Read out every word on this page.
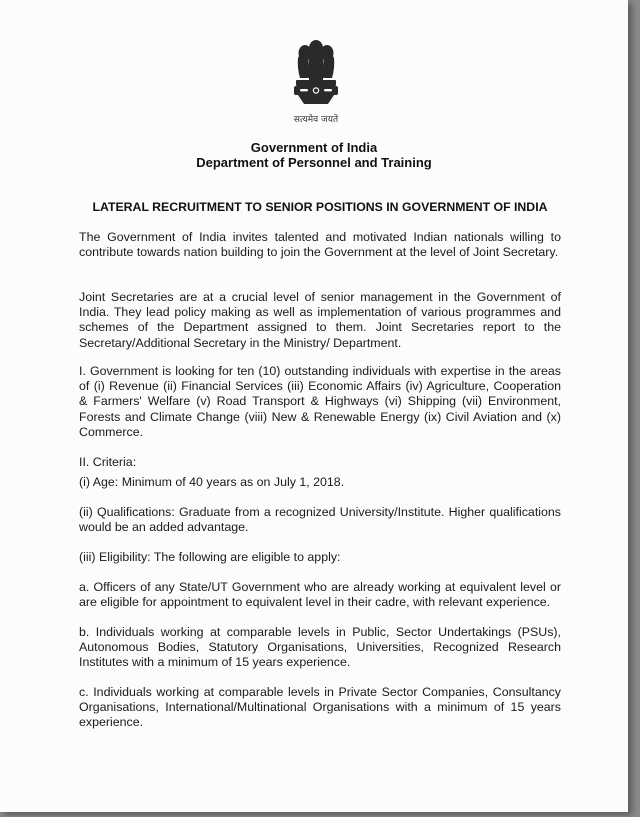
सत्यमेव जयते
Government of India
Department of Personnel and Training
LATERAL RECRUITMENT TO SENIOR POSITIONS IN GOVERNMENT OF INDIA
The Government of India invites talented and motivated Indian nationals willing to contribute towards nation building to join the Government at the level of Joint Secretary.
Joint Secretaries are at a crucial level of senior management in the Government of India. They lead policy making as well as implementation of various programmes and schemes of the Department assigned to them. Joint Secretaries report to the Secretary/Additional Secretary in the Ministry/ Department.
I. Government is looking for ten (10) outstanding individuals with expertise in the areas of (i) Revenue (ii) Financial Services (iii) Economic Affairs (iv) Agriculture, Cooperation & Farmers' Welfare (v) Road Transport & Highways (vi) Shipping (vii) Environment, Forests and Climate Change (viii) New & Renewable Energy (ix) Civil Aviation and (x) Commerce.
II. Criteria:
(i) Age: Minimum of 40 years as on July 1, 2018.
(ii) Qualifications: Graduate from a recognized University/Institute. Higher qualifications would be an added advantage.
(iii) Eligibility: The following are eligible to apply:
a. Officers of any State/UT Government who are already working at equivalent level or are eligible for appointment to equivalent level in their cadre, with relevant experience.
b. Individuals working at comparable levels in Public, Sector Undertakings (PSUs), Autonomous Bodies, Statutory Organisations, Universities, Recognized Research Institutes with a minimum of 15 years experience.
c. Individuals working at comparable levels in Private Sector Companies, Consultancy Organisations, International/Multinational Organisations with a minimum of 15 years experience.
